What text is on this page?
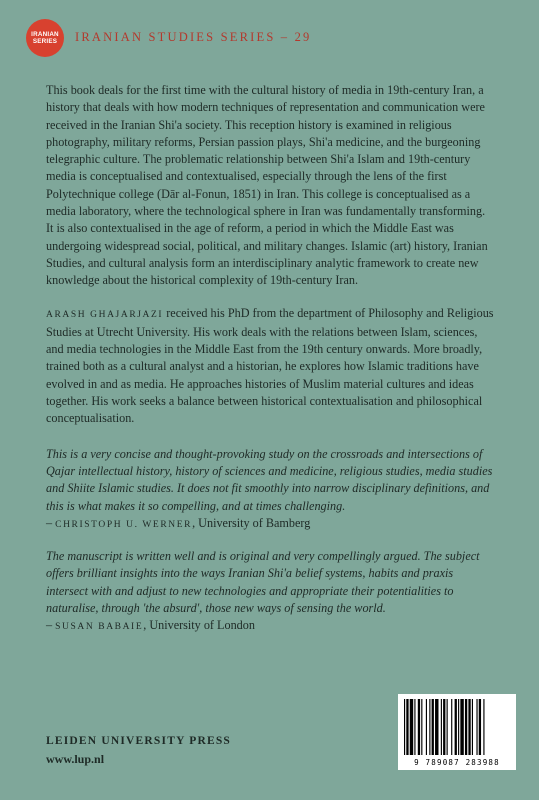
IRANIAN
SERIES IRANIAN STUDIES SERIES – 29

This book deals for the first time with the cultural history of media in 19th-century Iran, a history that deals with how modern techniques of representation and communication were received in the Iranian Shi'a society. This reception history is examined in religious photography, military reforms, Persian passion plays, Shi'a medicine, and the burgeoning telegraphic culture. The problematic relationship between Shi'a Islam and 19th-century media is conceptualised and contextualised, especially through the lens of the first Polytechnique college (Dār al-Fonun, 1851) in Iran. This college is conceptualised as a media laboratory, where the technological sphere in Iran was fundamentally transforming. It is also contextualised in the age of reform, a period in which the Middle East was undergoing widespread social, political, and military changes. Islamic (art) history, Iranian Studies, and cultural analysis form an interdisciplinary analytic framework to create new knowledge about the historical complexity of 19th-century Iran.

ARASH GHAJARJAZI received his PhD from the department of Philosophy and Religious Studies at Utrecht University. His work deals with the relations between Islam, sciences, and media technologies in the Middle East from the 19th century onwards. More broadly, trained both as a cultural analyst and a historian, he explores how Islamic traditions have evolved in and as media. He approaches histories of Muslim material cultures and ideas together. His work seeks a balance between historical contextualisation and philosophical conceptualisation.

This is a very concise and thought-provoking study on the crossroads and intersections of Qajar intellectual history, history of sciences and medicine, religious studies, media studies and Shiite Islamic studies. It does not fit smoothly into narrow disciplinary definitions, and this is what makes it so compelling, and at times challenging.

– CHRISTOPH U. WERNER, University of Bamberg

The manuscript is written well and is original and very compellingly argued. The subject offers brilliant insights into the ways Iranian Shi'a belief systems, habits and praxis intersect with and adjust to new technologies and appropriate their potentialities to naturalise, through 'the absurd', those new ways of sensing the world.

– SUSAN BABAIE, University of London

LEIDEN UNIVERSITY PRESS
www.lup.nl	9 789087 283988
